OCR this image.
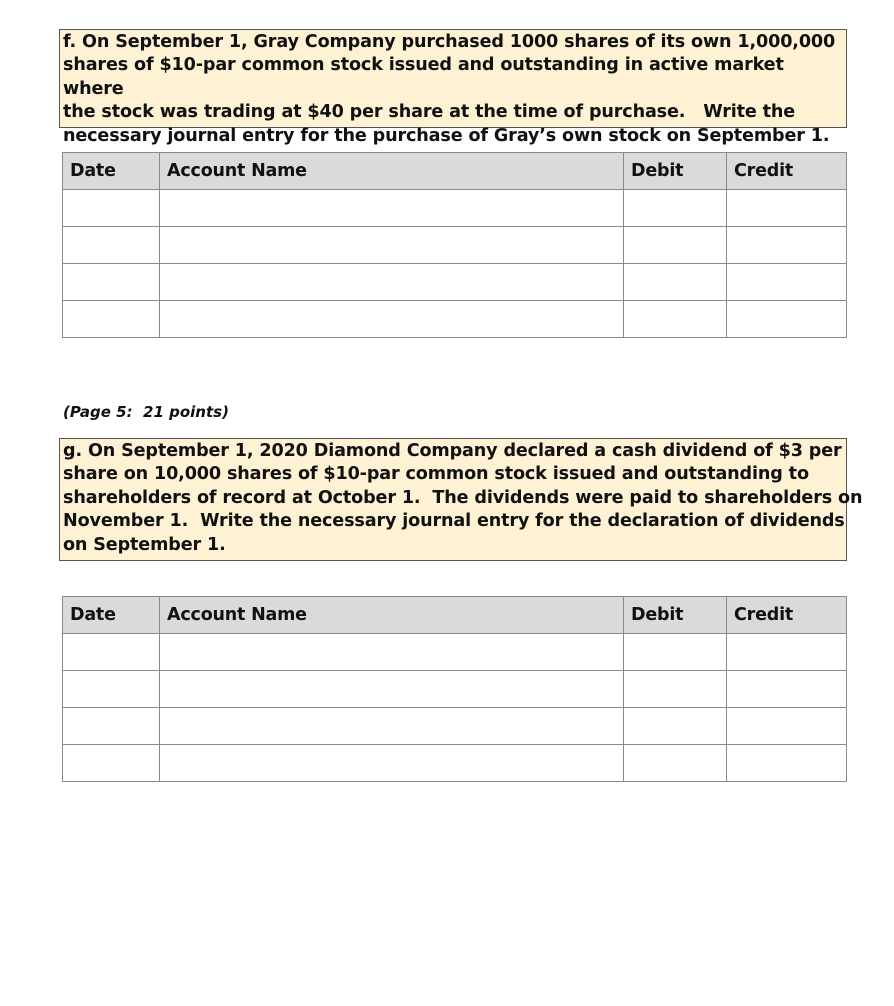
f. On September 1, Gray Company purchased 1000 shares of its own 1,000,000
shares of $10-par common stock issued and outstanding in active market where
the stock was trading at $40 per share at the time of purchase.   Write the
necessary journal entry for the purchase of Gray’s own stock on September 1.
Date	Account Name	Debit	Credit

(Page 5:  21 points)
g. On September 1, 2020 Diamond Company declared a cash dividend of $3 per
share on 10,000 shares of $10-par common stock issued and outstanding to
shareholders of record at October 1.  The dividends were paid to shareholders on
November 1.  Write the necessary journal entry for the declaration of dividends
on September 1.
Date	Account Name	Debit	Credit
